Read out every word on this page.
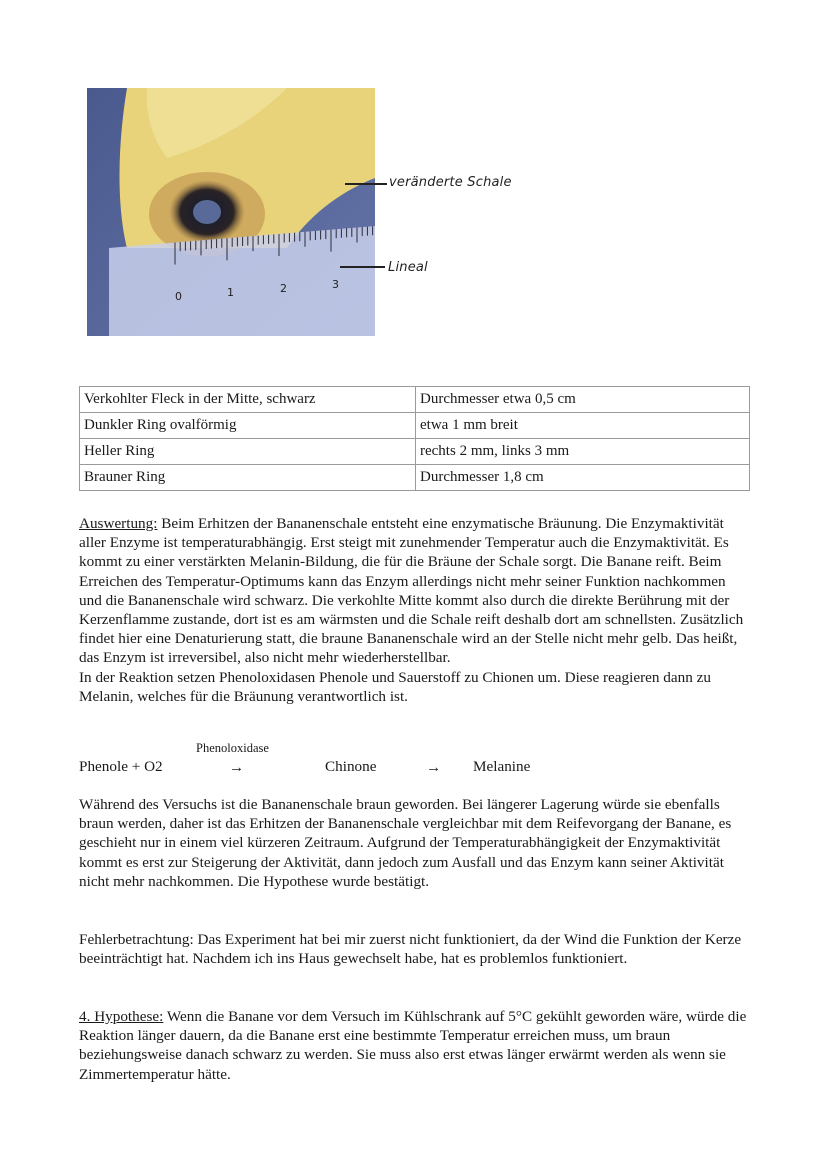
0	1	2	3
veränderte Schale
Lineal
Verkohlter Fleck in der Mitte, schwarz	Durchmesser etwa 0,5 cm
Dunkler Ring ovalförmig	etwa 1 mm breit
Heller Ring	rechts 2 mm, links 3 mm
Brauner Ring	Durchmesser 1,8 cm
Auswertung: Beim Erhitzen der Bananenschale entsteht eine enzymatische Bräunung. Die Enzymaktivität aller Enzyme ist temperaturabhängig. Erst steigt mit zunehmender Temperatur auch die Enzymaktivität. Es kommt zu einer verstärkten Melanin-Bildung, die für die Bräune der Schale sorgt. Die Banane reift. Beim Erreichen des Temperatur-Optimums kann das Enzym allerdings nicht mehr seiner Funktion nachkommen und die Bananenschale wird schwarz. Die verkohlte Mitte kommt also durch die direkte Berührung mit der Kerzenflamme zustande, dort ist es am wärmsten und die Schale reift deshalb dort am schnellsten. Zusätzlich findet hier eine Denaturierung statt, die braune Bananenschale wird an der Stelle nicht mehr gelb. Das heißt, das Enzym ist irreversibel, also nicht mehr wiederherstellbar.
In der Reaktion setzen Phenoloxidasen Phenole und Sauerstoff zu Chionen um. Diese reagieren dann zu Melanin, welches für die Bräunung verantwortlich ist.
Phenoloxidase
Phenole + O2	→	Chinone	→ Melanine
Während des Versuchs ist die Bananenschale braun geworden. Bei längerer Lagerung würde sie ebenfalls braun werden, daher ist das Erhitzen der Bananenschale vergleichbar mit dem Reifevorgang der Banane, es geschieht nur in einem viel kürzeren Zeitraum. Aufgrund der Temperaturabhängigkeit der Enzymaktivität kommt es erst zur Steigerung der Aktivität, dann jedoch zum Ausfall und das Enzym kann seiner Aktivität nicht mehr nachkommen. Die Hypothese wurde bestätigt.
Fehlerbetrachtung: Das Experiment hat bei mir zuerst nicht funktioniert, da der Wind die Funktion der Kerze beeinträchtigt hat. Nachdem ich ins Haus gewechselt habe, hat es problemlos funktioniert.
4. Hypothese: Wenn die Banane vor dem Versuch im Kühlschrank auf 5°C gekühlt geworden wäre, würde die Reaktion länger dauern, da die Banane erst eine bestimmte Temperatur erreichen muss, um braun beziehungsweise danach schwarz zu werden. Sie muss also erst etwas länger erwärmt werden als wenn sie Zimmertemperatur hätte.
